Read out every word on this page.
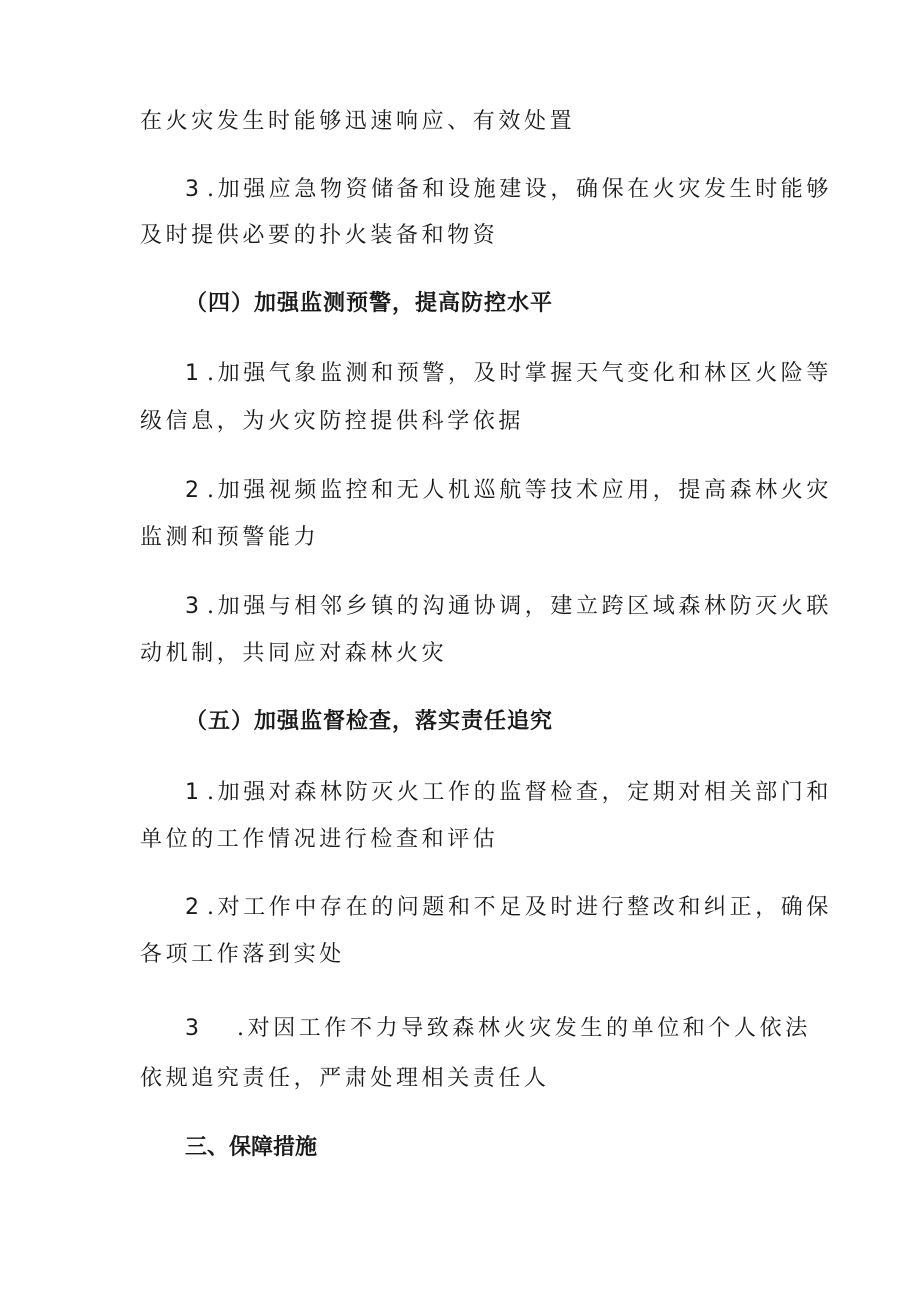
在火灾发生时能够迅速响应、有效处置
3 .加强应急物资储备和设施建设，确保在火灾发生时能够
及时提供必要的扑火装备和物资
（四）加强监测预警，提高防控水平
1 .加强气象监测和预警，及时掌握天气变化和林区火险等
级信息，为火灾防控提供科学依据
2 .加强视频监控和无人机巡航等技术应用，提高森林火灾
监测和预警能力
3 .加强与相邻乡镇的沟通协调，建立跨区域森林防灭火联
动机制，共同应对森林火灾
（五）加强监督检查，落实责任追究
1 .加强对森林防灭火工作的监督检查，定期对相关部门和
单位的工作情况进行检查和评估
2 .对工作中存在的问题和不足及时进行整改和纠正，确保
各项工作落到实处
3 .对因工作不力导致森林火灾发生的单位和个人依法
依规追究责任，严肃处理相关责任人
三、保障措施
